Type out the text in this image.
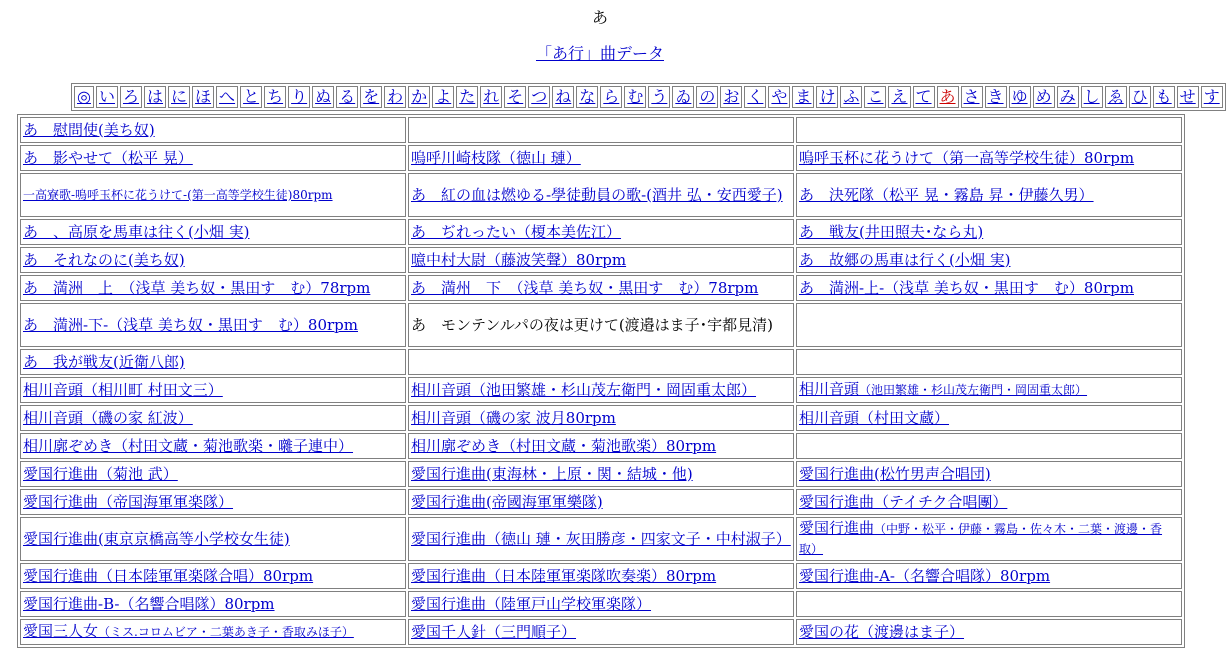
あ
「あ行」曲データ
◎	い	ろ	は	に	ほ	へ	と	ち	り	ぬ	る	を	わ	か	よ	た	れ	そ	つ	ね	な	ら	む	う	ゐ	の	お	く	や	ま	け	ふ	こ	え	て	あ	さ	き	ゆ	め	み	し	ゑ	ひ	も	せ	す
あ　慰問使(美ち奴)		
あ　影やせて（松平 晃）	嗚呼川崎枝隊（徳山 璉）	嗚呼玉杯に花うけて（第一高等学校生徒）80rpm
一高寮歌-嗚呼玉杯に花うけて-(第一高等学校生徒)80rpm	あ　紅の血は燃ゆる-學徒動員の歌-(酒井 弘・安西愛子)	あ　決死隊（松平 晃・霧島 昇・伊藤久男）
あ　、高原を馬車は往く(小畑 実)	あ　ぢれったい（榎本美佐江）	あ　戦友(井田照夫･なら丸)
あ　それなのに(美ち奴)	噫中村大尉（藤波笑聲）80rpm	あ　故郷の馬車は行く(小畑 実)
あ　満洲　上　（浅草 美ち奴・黒田す　む）78rpm	あ　満州　下　（浅草 美ち奴・黒田す　む）78rpm	あ　満洲-上-（浅草 美ち奴・黒田す　む）80rpm
あ　満洲-下-（浅草 美ち奴・黒田す　む）80rpm	あ　モンテンルパの夜は更けて(渡邉はま子･宇都見清)	
あ　我が戦友(近衛八郎)		
相川音頭（相川町 村田文三）	相川音頭（池田繁雄・杉山茂左衛門・岡固重太郎）	相川音頭（池田繁雄・杉山茂左衛門・岡固重太郎）
相川音頭（磯の家 紅波）	相川音頭（磯の家 波月80rpm	相川音頭（村田文蔵）
相川廓ぞめき（村田文蔵・菊池歌楽・囃子連中）	相川廓ぞめき（村田文蔵・菊池歌楽）80rpm	
愛国行進曲（菊池 武）	愛国行進曲(東海林・上原・関・結城・他)	愛国行進曲(松竹男声合唱団)
愛国行進曲（帝国海軍軍楽隊）	愛国行進曲(帝國海軍軍樂隊)	愛国行進曲（テイチク合唱團）
愛国行進曲(東京京橋高等小学校女生徒)	愛国行進曲（徳山 璉・灰田勝彦・四家文子・中村淑子）	愛国行進曲（中野・松平・伊藤・霧島・佐々木・二葉・渡邊・香取）
愛国行進曲（日本陸軍軍楽隊合唱）80rpm	愛国行進曲（日本陸軍軍楽隊吹奏楽）80rpm	愛国行進曲-A-（名響合唱隊）80rpm
愛国行進曲-B-（名響合唱隊）80rpm	愛国行進曲（陸軍戸山学校軍楽隊）	
愛国三人女（ミス.コロムビア・二葉あき子・香取みほ子）	愛国千人針（三門順子）	愛国の花（渡邊はま子）
